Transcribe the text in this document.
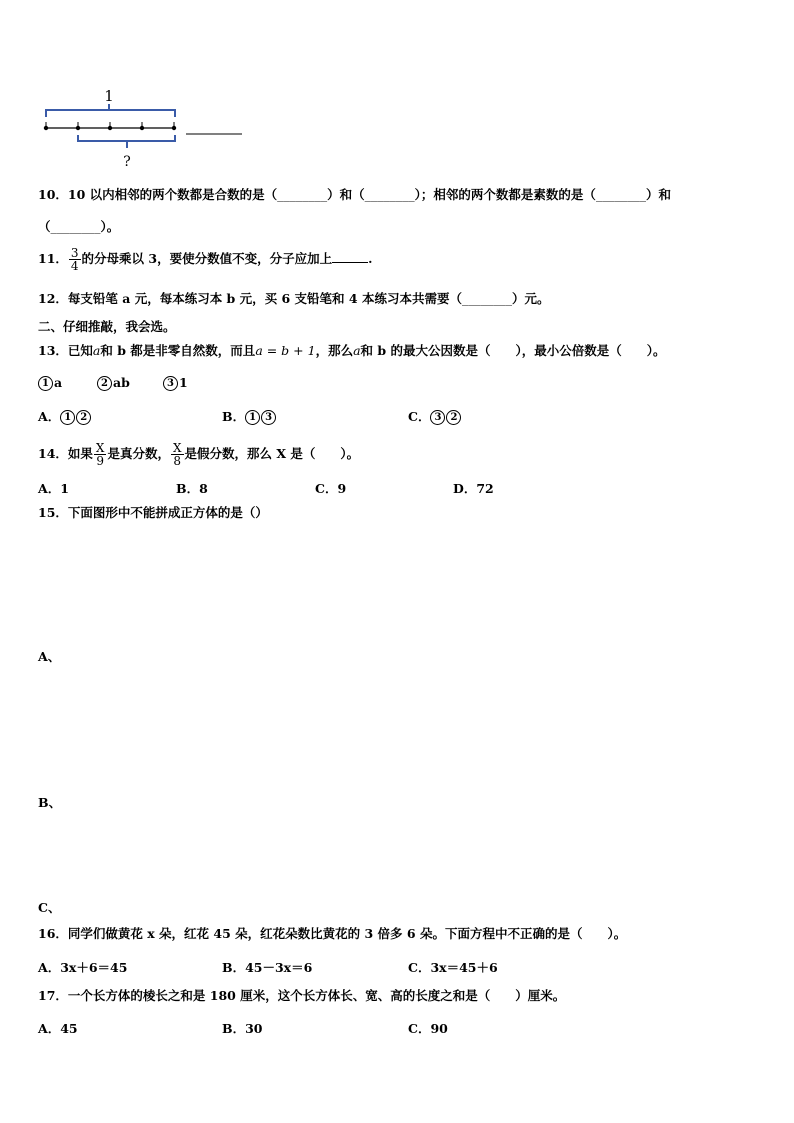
1
?
10．10 以内相邻的两个数都是合数的是（________）和（________）；相邻的两个数都是素数的是（________）和
（________）。
11． $\frac{3}{4}$ 的分母乘以 3，要使分数值不变，分子应加上	.
12．每支铅笔 a 元，每本练习本 b 元，买 6 支铅笔和 4 本练习本共需要（________）元。
二、仔细推敲，我会选。
13．已知a和 b 都是非零自然数，而且a = b + 1，那么a和 b 的最大公因数是（　　），最小公倍数是（　　）。
1 a	2 ab	3 1
A． 1 2	B． 1 3	C． 3 2
14．如果 $\frac{X}{9}$ 是真分数， $\frac{X}{8}$ 是假分数，那么 X 是（　　）。
A．1	B．8	C．9	D．72
15．下面图形中不能拼成正方体的是（）
A、
B、
C、
16．同学们做黄花 x 朵，红花 45 朵，红花朵数比黄花的 3 倍多 6 朵。下面方程中不正确的是（　　）。
A．3x＋6＝45	B．45－3x＝6	C．3x＝45＋6
17．一个长方体的棱长之和是 180 厘米，这个长方体长、宽、高的长度之和是（　　）厘米。
A．45	B．30	C．90
